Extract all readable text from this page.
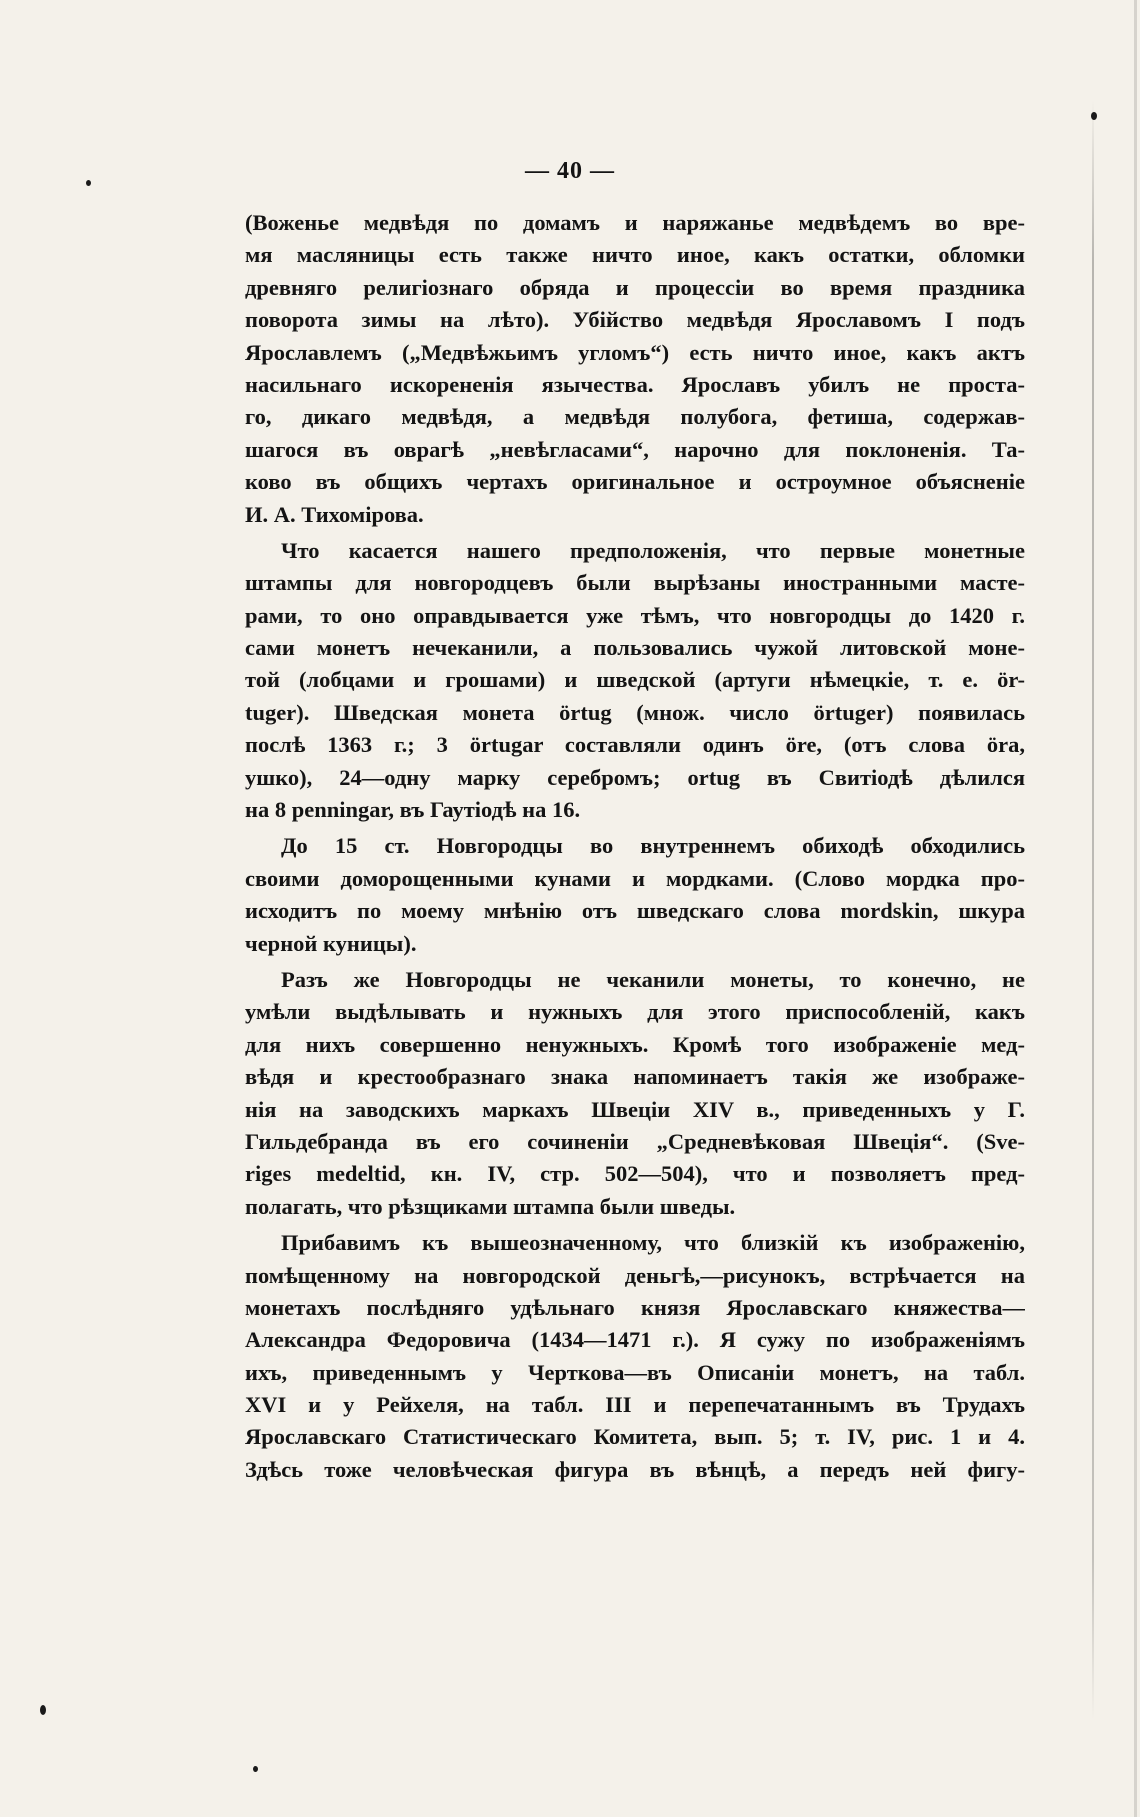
— 40 —
(Воженье медвѣдя по домамъ и наряжанье медвѣдемъ во вре-
мя масляницы есть также ничто иное, какъ остатки, обломки
древняго религіознаго обряда и процессіи во время праздника
поворота зимы на лѣто). Убійство медвѣдя Ярославомъ I подъ
Ярославлемъ („Медвѣжьимъ угломъ“) есть ничто иное, какъ актъ
насильнаго искорененія язычества. Ярославъ убилъ не проста-
го, дикаго медвѣдя, а медвѣдя полубога, фетиша, содержав-
шагося въ оврагѣ „невѣгласами“, нарочно для поклоненія. Та-
ково въ общихъ чертахъ оригинальное и остроумное объясненіе
И. А. Тихомірова.
Что касается нашего предположенія, что первые монетные
штампы для новгородцевъ были вырѣзаны иностранными масте-
рами, то оно оправдывается уже тѣмъ, что новгородцы до 1420 г.
сами монетъ нечеканили, а пользовались чужой литовской моне-
той (лобцами и грошами) и шведской (артуги нѣмецкіе, т. е. ör-
tuger). Шведская монета örtug (множ. число örtuger) появилась
послѣ 1363 г.; 3 örtugar составляли одинъ öre, (отъ слова öra,
ушко), 24—одну марку серебромъ; ortug въ Свитіодѣ дѣлился
на 8 penningar, въ Гаутіодѣ на 16.
До 15 ст. Новгородцы во внутреннемъ обиходѣ обходились
своими доморощенными кунами и мордками. (Слово мордка про-
исходитъ по моему мнѣнію отъ шведскаго слова mordskin, шкура
черной куницы).
Разъ же Новгородцы не чеканили монеты, то конечно, не
умѣли выдѣлывать и нужныхъ для этого приспособленій, какъ
для нихъ совершенно ненужныхъ. Кромѣ того изображеніе мед-
вѣдя и крестообразнаго знака напоминаетъ такія же изображе-
нія на заводскихъ маркахъ Швеціи XIV в., приведенныхъ у Г.
Гильдебранда въ его сочиненіи „Средневѣковая Швеція“. (Sve-
riges medeltid, кн. IV, стр. 502—504), что и позволяетъ пред-
полагать, что рѣзщиками штампа были шведы.
Прибавимъ къ вышеозначенному, что близкій къ изображенію,
помѣщенному на новгородской деньгѣ,—рисунокъ, встрѣчается на
монетахъ послѣдняго удѣльнаго князя Ярославскаго княжества—
Александра Федоровича (1434—1471 г.). Я сужу по изображеніямъ
ихъ, приведеннымъ у Черткова—въ Описаніи монетъ, на табл.
XVI и у Рейхеля, на табл. III и перепечатаннымъ въ Трудахъ
Ярославскаго Статистическаго Комитета, вып. 5; т. IV, рис. 1 и 4.
Здѣсь тоже человѣческая фигура въ вѣнцѣ, а передъ ней фигу-
